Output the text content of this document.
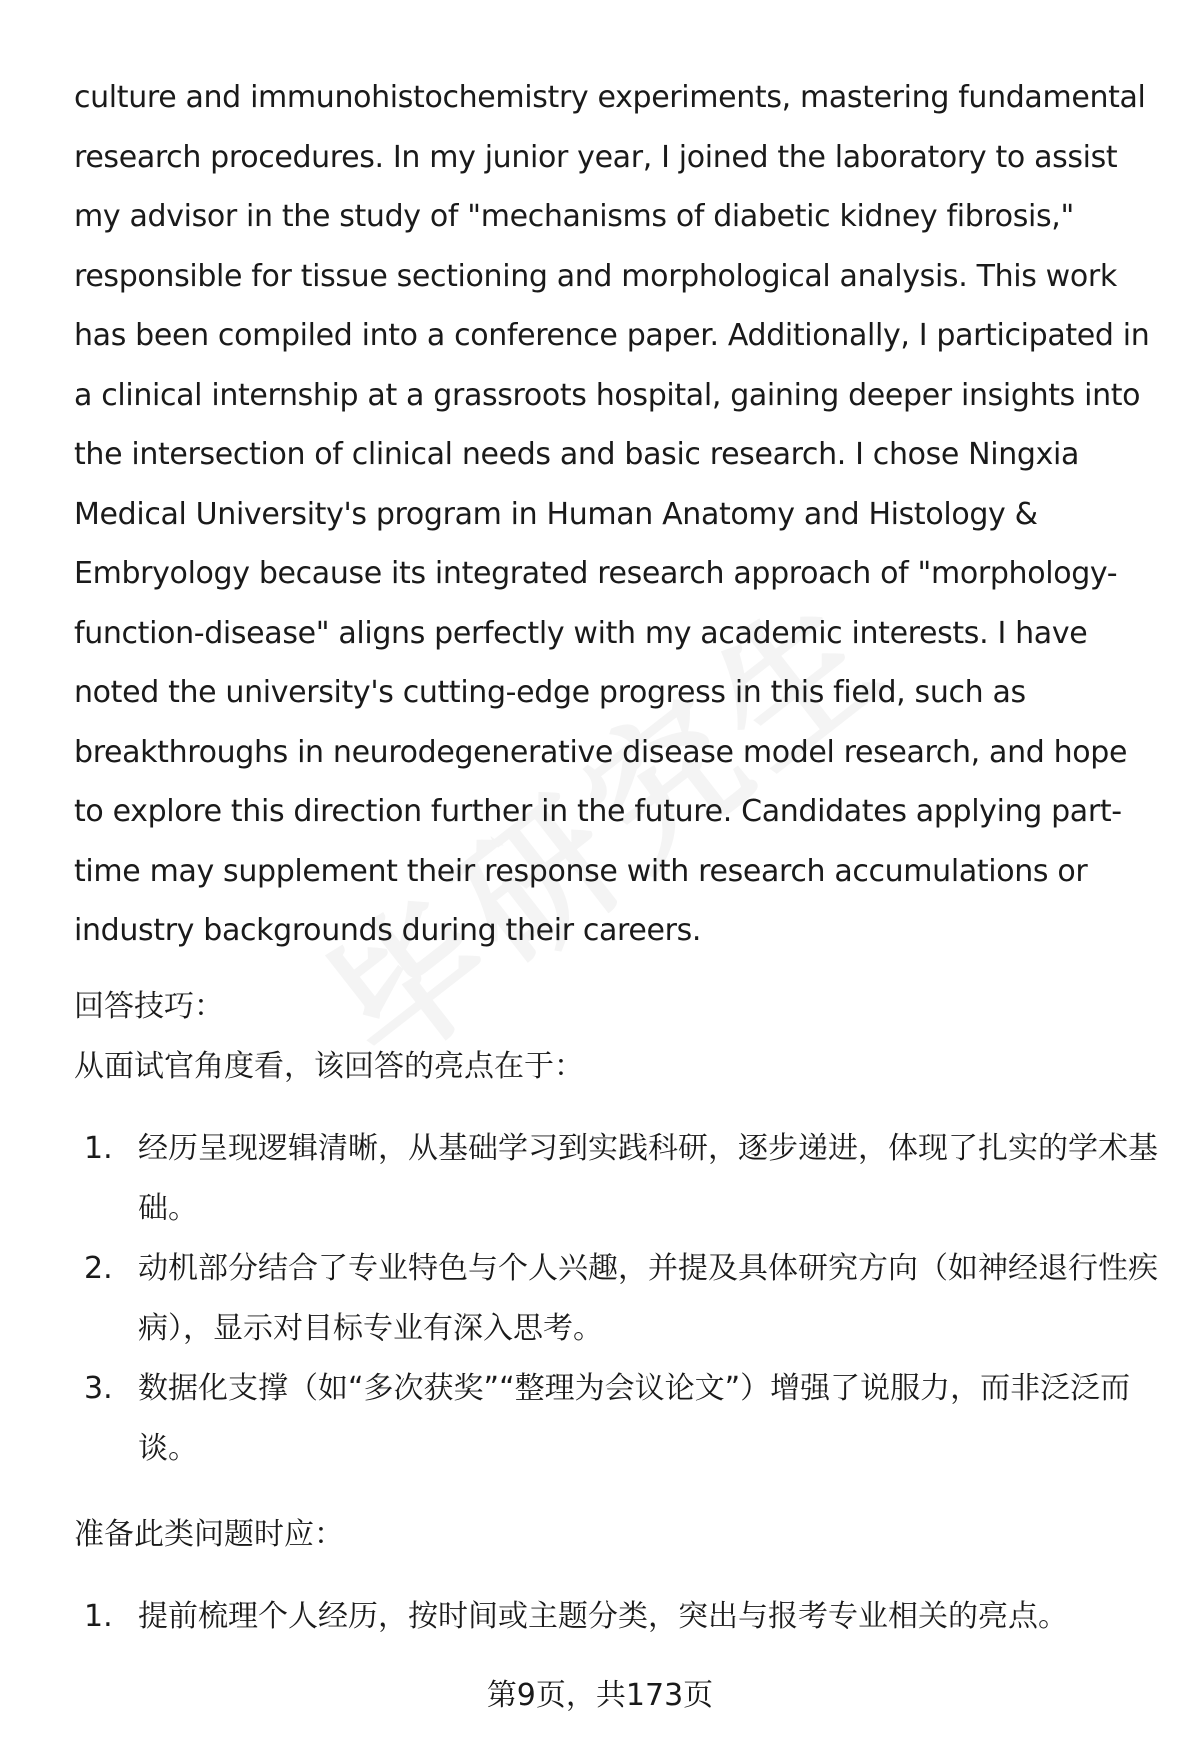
culture and immunohistochemistry experiments, mastering fundamental research procedures. In my junior year, I joined the laboratory to assist my advisor in the study of "mechanisms of diabetic kidney fibrosis," responsible for tissue sectioning and morphological analysis. This work has been compiled into a conference paper. Additionally, I participated in a clinical internship at a grassroots hospital, gaining deeper insights into the intersection of clinical needs and basic research. I chose Ningxia Medical University's program in Human Anatomy and Histology & Embryology because its integrated research approach of "morphology-function-disease" aligns perfectly with my academic interests. I have noted the university's cutting-edge progress in this field, such as breakthroughs in neurodegenerative disease model research, and hope to explore this direction further in the future. Candidates applying part-time may supplement their response with research accumulations or industry backgrounds during their careers.

回答技巧：

从面试官角度看，该回答的亮点在于：

1. 经历呈现逻辑清晰，从基础学习到实践科研，逐步递进，体现了扎实的学术基础。
2. 动机部分结合了专业特色与个人兴趣，并提及具体研究方向（如神经退行性疾病），显示对目标专业有深入思考。
3. 数据化支撑（如“多次获奖”“整理为会议论文”）增强了说服力，而非泛泛而谈。

准备此类问题时应：

1. 提前梳理个人经历，按时间或主题分类，突出与报考专业相关的亮点。
第9页，共173页
